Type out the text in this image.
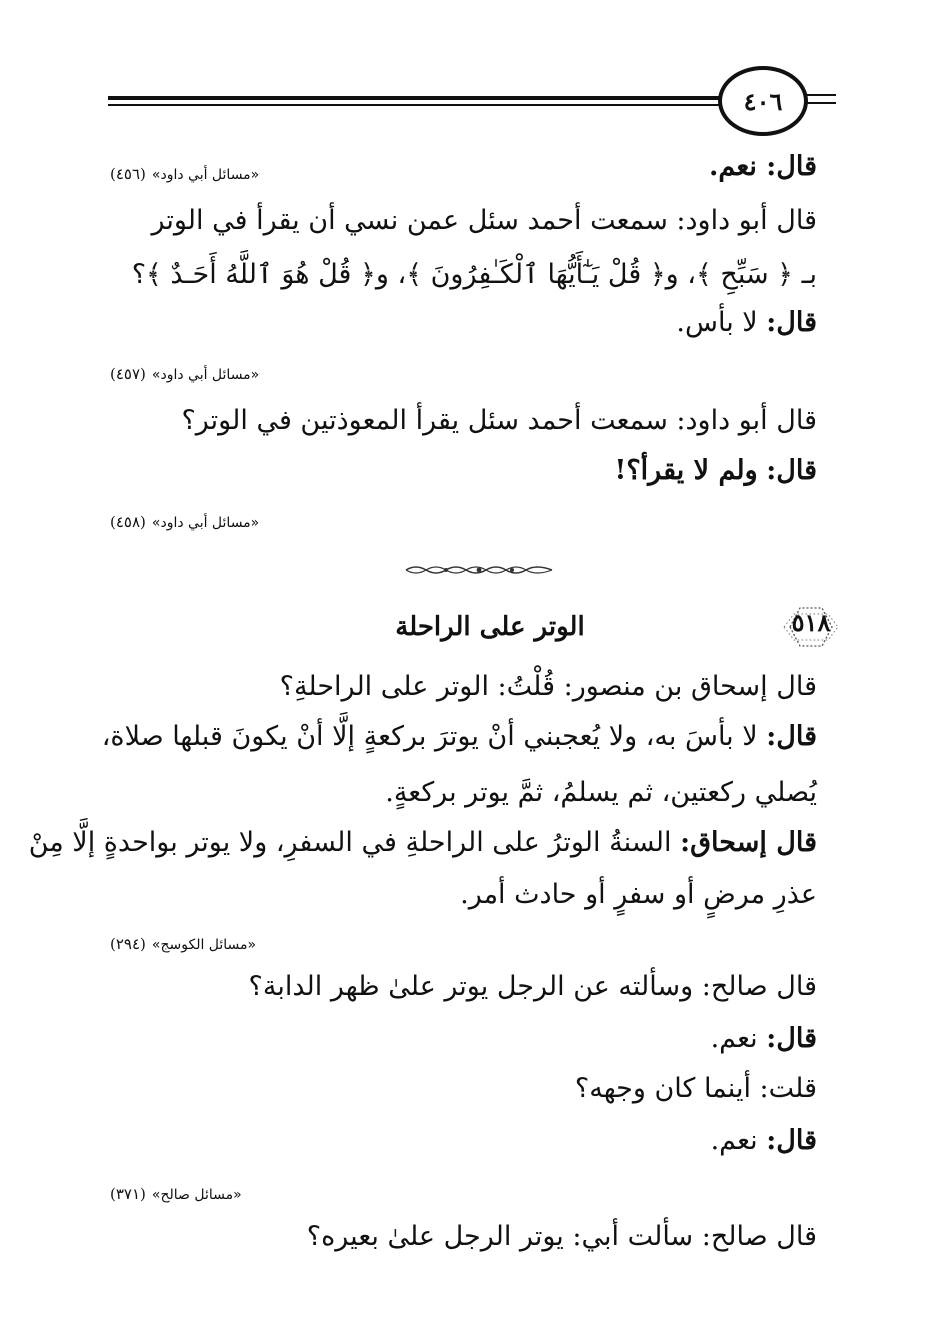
٤٠٦
قال: نعم.
«مسائل أبي داود»(٤٥٦)
قال أبو داود: سمعت أحمد سئل عمن نسي أن يقرأ في الوتر
بـ ﴿ سَبِّحِ ﴾، و﴿ قُلْ يَـٰٓأَيُّهَا ٱلْكَـٰفِرُونَ ﴾، و﴿ قُلْ هُوَ ٱللَّهُ أَحَـدٌ ﴾؟
قال: لا بأس.
«مسائل أبي داود»(٤٥٧)
قال أبو داود: سمعت أحمد سئل يقرأ المعوذتين في الوتر؟
قال: ولم لا يقرأ؟!
«مسائل أبي داود»(٤٥٨)
٥١٨
الوتر على الراحلة
قال إسحاق بن منصور: قُلْتُ: الوتر على الراحلةِ؟
قال: لا بأسَ به، ولا يُعجبني أنْ يوترَ بركعةٍ إلَّا أنْ يكونَ قبلها صلاة،
يُصلي ركعتين، ثم يسلمُ، ثمَّ يوتر بركعةٍ.
قال إسحاق: السنةُ الوترُ على الراحلةِ في السفرِ، ولا يوتر بواحدةٍ إلَّا مِنْ
عذرِ مرضٍ أو سفرٍ أو حادث أمر.
«مسائل الكوسج»(٢٩٤)
قال صالح: وسألته عن الرجل يوتر علىٰ ظهر الدابة؟
قال: نعم.
قلت: أينما كان وجهه؟
قال: نعم.
«مسائل صالح»(٣٧١)
قال صالح: سألت أبي: يوتر الرجل علىٰ بعيره؟
